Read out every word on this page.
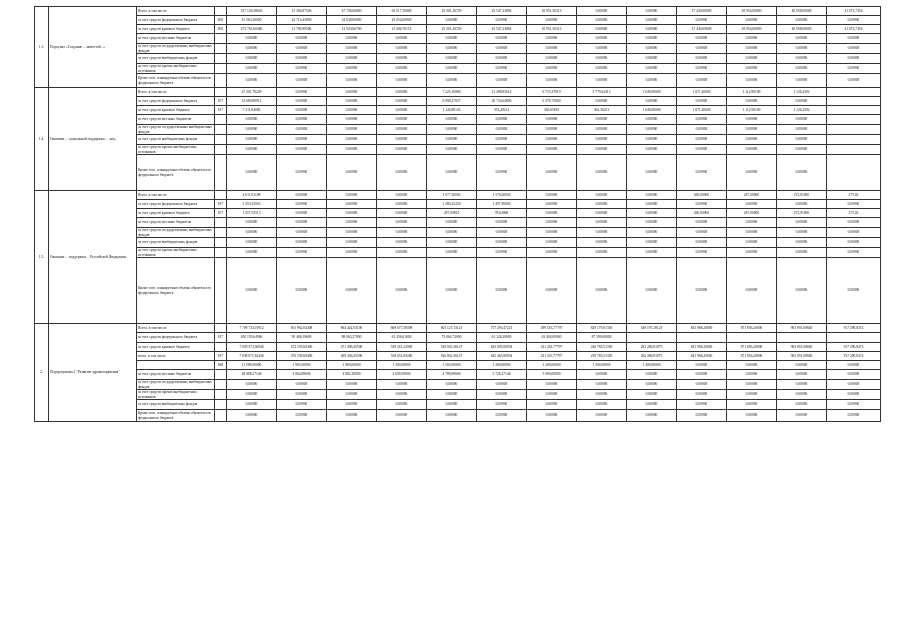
1.3.	Подпункт «Создание ... новостей...»	Всего, в том числе		317 126,58643	31 366,97506	47 158,66000	62 517,39000	25 301,26729	25 547,23884	10 951,50313	0,00000	0,00000	27 440,00000	29 954,00000	40 958,60000	41 072,7456
		за счет средств федерального бюджета	803	61 563,36000	24 714,43000	34 638,00000	25 054,00000	0,00000	0,00000	0,00000	0,00000	0,00000	0,00000	0,00000	0,00000	0,00000
		за счет средств краевого бюджета	803	273 765,60460	11 700,99506	13 520,66700	13 406,70151	25 301,26729	25 547,23884	10 951,50313	0,00000	0,00000	27 440,00000	29 954,00000	40 958,60000	41 072,7456
		за счет средств местных бюджетов		0,00000	0,00000	0,00000	0,00000	0,00000	0,00000	0,00000	0,00000	0,00000	0,00000	0,00000	0,00000	0,00000
		за счет средств государственных внебюджетных фондов		0,00000	0,00000	0,00000	0,00000	0,00000	0,00000	0,00000	0,00000	0,00000	0,00000	0,00000	0,00000	0,00000
		за счет средств внебюджетных фондов		0,00000	0,00000	0,00000	0,00000	0,00000	0,00000	0,00000	0,00000	0,00000	0,00000	0,00000	0,00000	0,00000
		за счет средств прочих внебюджетных источников		0,00000	0,00000	0,00000	0,00000	0,00000	0,00000	0,00000	0,00000	0,00000	0,00000	0,00000	0,00000	0,00000
		Кроме того, планируемые объемы обязательств федерального бюджета		0,00000	0,00000	0,00000	0,00000	0,00000	0,00000	0,00000	0,00000	0,00000	0,00000	0,00000	0,00000	0,00000
1.4.	Оказание ... социальной поддержки ... лиц...	Всего, в том числе		47 201,70239	0,00000	0,00000	0,00000	7 225,16980	21 288,85614	6 715,37819	3 779,63413	1 640,00000	1 671,20000	1 112,90190	1 126,2502	
		за счет средств федерального бюджета	817	33 680,89912	0,00000	0,00000	0,00000	6 098,27837	20 734,64800	6 378,72000	0,00000	0,00000	0,00000	0,00000	0,00000	
		за счет средств краевого бюджета	817	7 211,84082	0,00000	0,00000	0,00000	1 126,89143	553,20214	336,65819	362,36413	1 640,00000	1 671,20000	1 112,90190	1 126,2502	
		за счет средств местных бюджетов		0,00000	0,00000	0,00000	0,00000	0,00000	0,00000	0,00000	0,00000	0,00000	0,00000	0,00000	0,00000	
		за счет средств государственных внебюджетных фондов		0,00000	0,00000	0,00000	0,00000	0,00000	0,00000	0,00000	0,00000	0,00000	0,00000	0,00000	0,00000	
		за счет средств внебюджетных фондов		0,00000	0,00000	0,00000	0,00000	0,00000	0,00000	0,00000	0,00000	0,00000	0,00000	0,00000	0,00000	
		за счет средств прочих внебюджетных источников		0,00000	0,00000	0,00000	0,00000	0,00000	0,00000	0,00000	0,00000	0,00000	0,00000	0,00000	0,00000	
		Кроме того, планируемые объемы обязательств федерального бюджета		0,00000	0,00000	0,00000	0,00000	0,00000	0,00000	0,00000	0,00000	0,00000	0,00000	0,00000	0,00000	
1.5.	Оказание ... поддержки ... Российской Федерации...	Всего, в том числе		4 611,03188	0,00000	0,00000	0,00000	1 577,30002	1 576,60000	0,00000	0,00000	0,00000	260,00000	267,00000	272,91000	275,02
		за счет средств федерального бюджета	817	3 353,53503	0,00000	0,00000	0,00000	1 280,25220	1 497,96000	0,00000	0,00000	0,00000	0,00000	0,00000	0,00000	0,00000
		за счет средств краевого бюджета	817	1 257,53513	0,00000	0,00000	0,00000	297,09832	78,64000	0,00000	0,00000	0,00000	260,00000	267,00000	272,91000	275,02
		за счет средств местных бюджетов		0,00000	0,00000	0,00000	0,00000	0,00000	0,00000	0,00000	0,00000	0,00000	0,00000	0,00000	0,00000	0,00000
		за счет средств государственных внебюджетных фондов		0,00000	0,00000	0,00000	0,00000	0,00000	0,00000	0,00000	0,00000	0,00000	0,00000	0,00000	0,00000	0,00000
		за счет средств внебюджетных фондов		0,00000	0,00000	0,00000	0,00000	0,00000	0,00000	0,00000	0,00000	0,00000	0,00000	0,00000	0,00000	0,00000
		за счет средств прочих внебюджетных источников		0,00000	0,00000	0,00000	0,00000	0,00000	0,00000	0,00000	0,00000	0,00000	0,00000	0,00000	0,00000	0,00000
		Кроме того, планируемые объемы обязательств федерального бюджета		0,00000	0,00000	0,00000	0,00000	0,00000	0,00000	0,00000	0,00000	0,00000	0,00000	0,00000	0,00000	0,00000
2.	Подпрограмма 2 "Развитие здравоохранения"	Всего, в том числе		7 709 733,01912	561 962,04408	864 442,03100	669 677,58398	603 127,13121	757 293,47221	499 553,77797	829 179,61350	349 197,28125	841 968,20000	871 856,20000	903 091,08840	917 290,8474
		за счет средств федерального бюджета	817	650 159,64966	95 486,19600	88 063,27900	61 436,61000	73 064,72000	61 126,20000	63 404,00000	87 399,00000					
		за счет средств краевого бюджета		7 059 573,36946	472 193,60400	471 496,45500	539 451,22900	528 045,36147	645 695,00954	411 452,77797	240 783,51350	262 286,81875	841 968,20000	871 856,20000	903 091,08840	917 290,8474
		всего, в том числе	817	7 038 071,82446	470 190,60400	469 346,45500	538 031,00200	526 842,36147	645 465,80954	411 310,77797	239 783,51350	262 286,81875	841 968,20000	871 856,20000	903 091,08840	917 290,8474
			848	11 599,00000	1 905,00000	1 960,00000	1 200,00000	1 203,00000	1 200,00000	1 200,00000	1 500,00000	1 400,00000	0,00000	0,00000	0,00000	0,00000
		за счет средств местных бюджетов		28 808,27148	3 064,89006	4 882,29000	4 658,99000	4 789,89600	3 726,27146	5 900,00000	0,00000	0,00000	0,00000	0,00000	0,00000	0,00000
		за счет средств государственных внебюджетных фондов		0,00000	0,00000	0,00000	0,00000	0,00000	0,00000	0,00000	0,00000	0,00000	0,00000	0,00000	0,00000	0,00000
		за счет средств прочих внебюджетных источников		0,00000	0,00000	0,00000	0,00000	0,00000	0,00000	0,00000	0,00000	0,00000	0,00000	0,00000	0,00000	0,00000
		за счет средств внебюджетных фондов		0,00000	0,00000	0,00000	0,00000	0,00000	0,00000	0,00000	0,00000	0,00000	0,00000	0,00000	0,00000	0,00000
		Кроме того, планируемые объемы обязательств федерального бюджета		0,00000	0,00000	0,00000	0,00000	0,00000	0,00000	0,00000	0,00000	0,00000	0,00000	0,00000	0,00000	0,00000
